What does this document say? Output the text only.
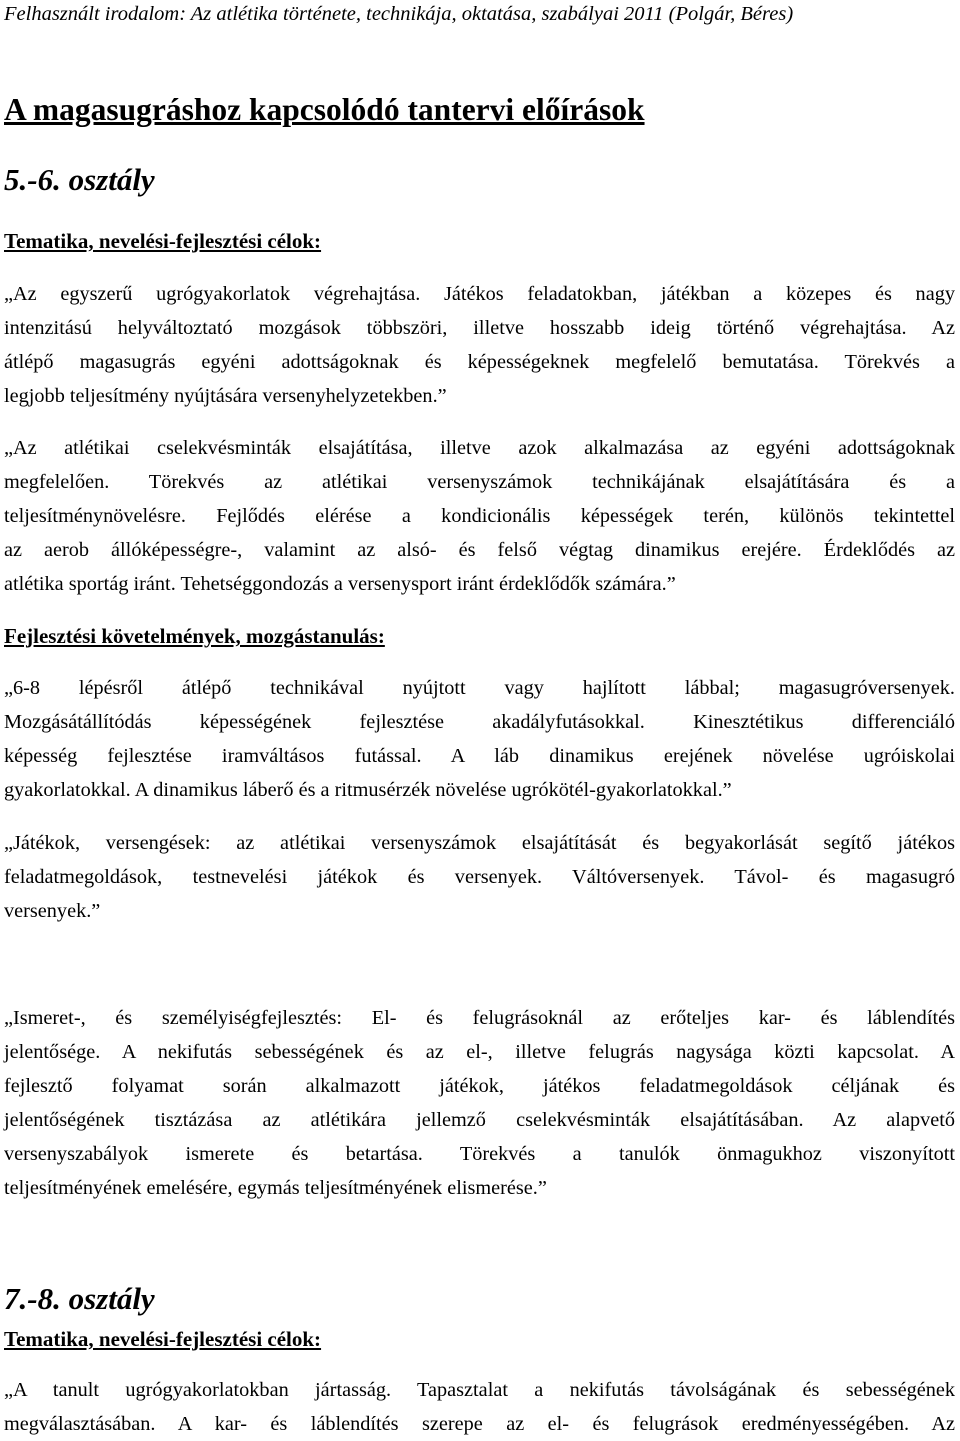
Felhasznált irodalom: Az atlétika története, technikája, oktatása, szabályai 2011 (Polgár, Béres)
A magasugráshoz kapcsolódó tantervi előírások
5.-6. osztály
Tematika, nevelési-fejlesztési célok:
„Az egyszerű ugrógyakorlatok végrehajtása. Játékos feladatokban, játékban a közepes és nagy
intenzitású helyváltoztató mozgások többszöri, illetve hosszabb ideig történő végrehajtása. Az
átlépő magasugrás egyéni adottságoknak és képességeknek megfelelő bemutatása. Törekvés a
legjobb teljesítmény nyújtására versenyhelyzetekben.”
„Az atlétikai cselekvésminták elsajátítása, illetve azok alkalmazása az egyéni adottságoknak
megfelelően. Törekvés az atlétikai versenyszámok technikájának elsajátítására és a
teljesítménynövelésre. Fejlődés elérése a kondicionális képességek terén, különös tekintettel
az aerob állóképességre-, valamint az alsó- és felső végtag dinamikus erejére. Érdeklődés az
atlétika sportág iránt. Tehetséggondozás a versenysport iránt érdeklődők számára.”
Fejlesztési követelmények, mozgástanulás:
„6-8 lépésről átlépő technikával nyújtott vagy hajlított lábbal; magasugróversenyek.
Mozgásátállítódás képességének fejlesztése akadályfutásokkal. Kinesztétikus differenciáló
képesség fejlesztése iramváltásos futással. A láb dinamikus erejének növelése ugróiskolai
gyakorlatokkal. A dinamikus láberő és a ritmusérzék növelése ugrókötél-gyakorlatokkal.”
„Játékok, versengések: az atlétikai versenyszámok elsajátítását és begyakorlását segítő játékos
feladatmegoldások, testnevelési játékok és versenyek. Váltóversenyek. Távol- és magasugró
versenyek.”
„Ismeret-, és személyiségfejlesztés: El- és felugrásoknál az erőteljes kar- és láblendítés
jelentősége. A nekifutás sebességének és az el-, illetve felugrás nagysága közti kapcsolat. A
fejlesztő folyamat során alkalmazott játékok, játékos feladatmegoldások céljának és
jelentőségének tisztázása az atlétikára jellemző cselekvésminták elsajátításában. Az alapvető
versenyszabályok ismerete és betartása. Törekvés a tanulók önmagukhoz viszonyított
teljesítményének emelésére, egymás teljesítményének elismerése.”
7.-8. osztály
Tematika, nevelési-fejlesztési célok:
„A tanult ugrógyakorlatokban jártasság. Tapasztalat a nekifutás távolságának és sebességének
megválasztásában. A kar- és láblendítés szerepe az el- és felugrások eredményességében. Az
